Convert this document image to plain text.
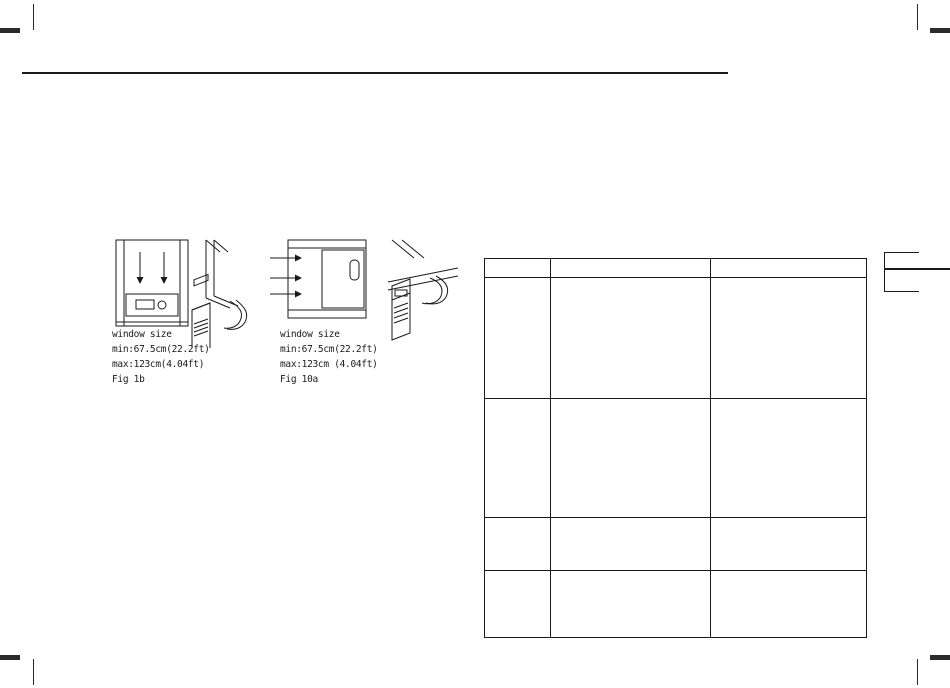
window size
min:67.5cm(22.2ft)
max:123cm(4.04ft)
Fig 1b
window size
min:67.5cm(22.2ft)
max:123cm (4.04ft)
Fig 10a
